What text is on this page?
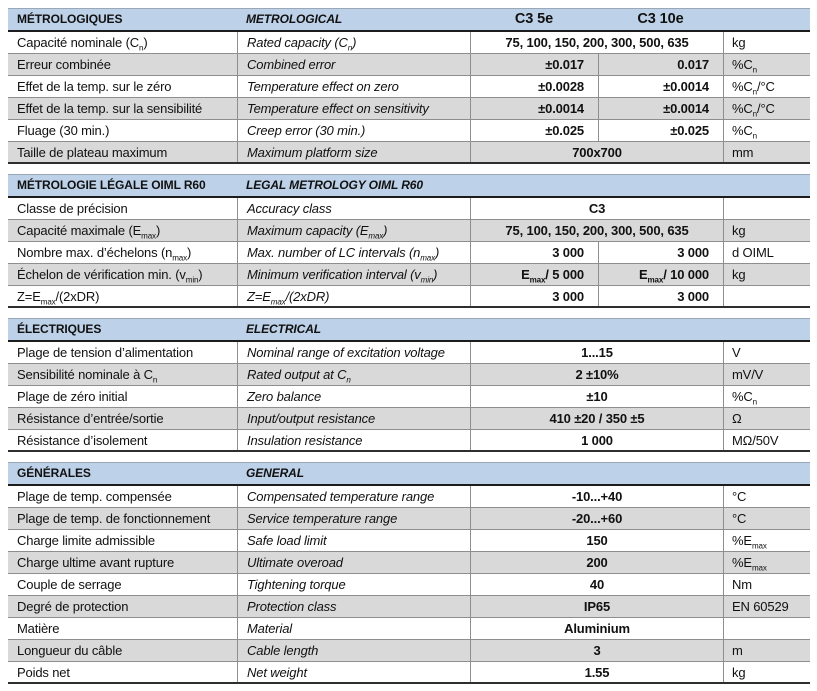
MÉTROLOGIQUES	METROLOGICAL	C3 5e	C3 10e
Capacité nominale $(C_n)$	Rated capacity $(C_n)$	75, 100, 150, 200, 300, 500, 635	kg
Erreur combinée	Combined error	±0.017	0.017	$\%C_n$
Effet de la temp. sur le zéro	Temperature effect on zero	±0.0028	±0.0014	$\%C_n/^\circ C$
Effet de la temp. sur la sensibilité	Temperature effect on sensitivity	±0.0014	±0.0014	$\%C_n/^\circ C$
Fluage (30 min.)	Creep error (30 min.)	±0.025	±0.025	$\%C_n$
Taille de plateau maximum	Maximum platform size	700x700	mm
MÉTROLOGIE LÉGALE OIML R60	LEGAL METROLOGY OIML R60
Classe de précision	Accuracy class	C3
Capacité maximale $(E_{max})$	Maximum capacity $(E_{max})$	75, 100, 150, 200, 300, 500, 635	kg
Nombre max. d’échelons $(n_{max})$	Max. number of LC intervals $(n_{max})$	3 000	3 000	d OIML
Échelon de vérification min. $(v_{min})$	Minimum verification interval $(v_{min})$	$E_{max}/$ 5 000	$E_{max}/$ 10 000	kg
$Z=E_{max}/(2xDR)$	$Z=E_{max}/(2xDR)$	3 000	3 000
ÉLECTRIQUES	ELECTRICAL
Plage de tension d’alimentation	Nominal range of excitation voltage	1...15	V
Sensibilité nominale à $C_n$	Rated output at $C_n$	2 ±10%	mV/V
Plage de zéro initial	Zero balance	±10	$\%C_n$
Résistance d’entrée/sortie	Input/output resistance	410 ±20 / 350 ±5	Ω
Résistance d’isolement	Insulation resistance	1 000	MΩ/50V
GÉNÉRALES	GENERAL
Plage de temp. compensée	Compensated temperature range	-10...+40	°C
Plage de temp. de fonctionnement	Service temperature range	-20...+60	°C
Charge limite admissible	Safe load limit	150	$\%E_{max}$
Charge ultime avant rupture	Ultimate overoad	200	$\%E_{max}$
Couple de serrage	Tightening torque	40	Nm
Degré de protection	Protection class	IP65	EN 60529
Matière	Material	Aluminium
Longueur du câble	Cable length	3	m
Poids net	Net weight	1.55	kg
